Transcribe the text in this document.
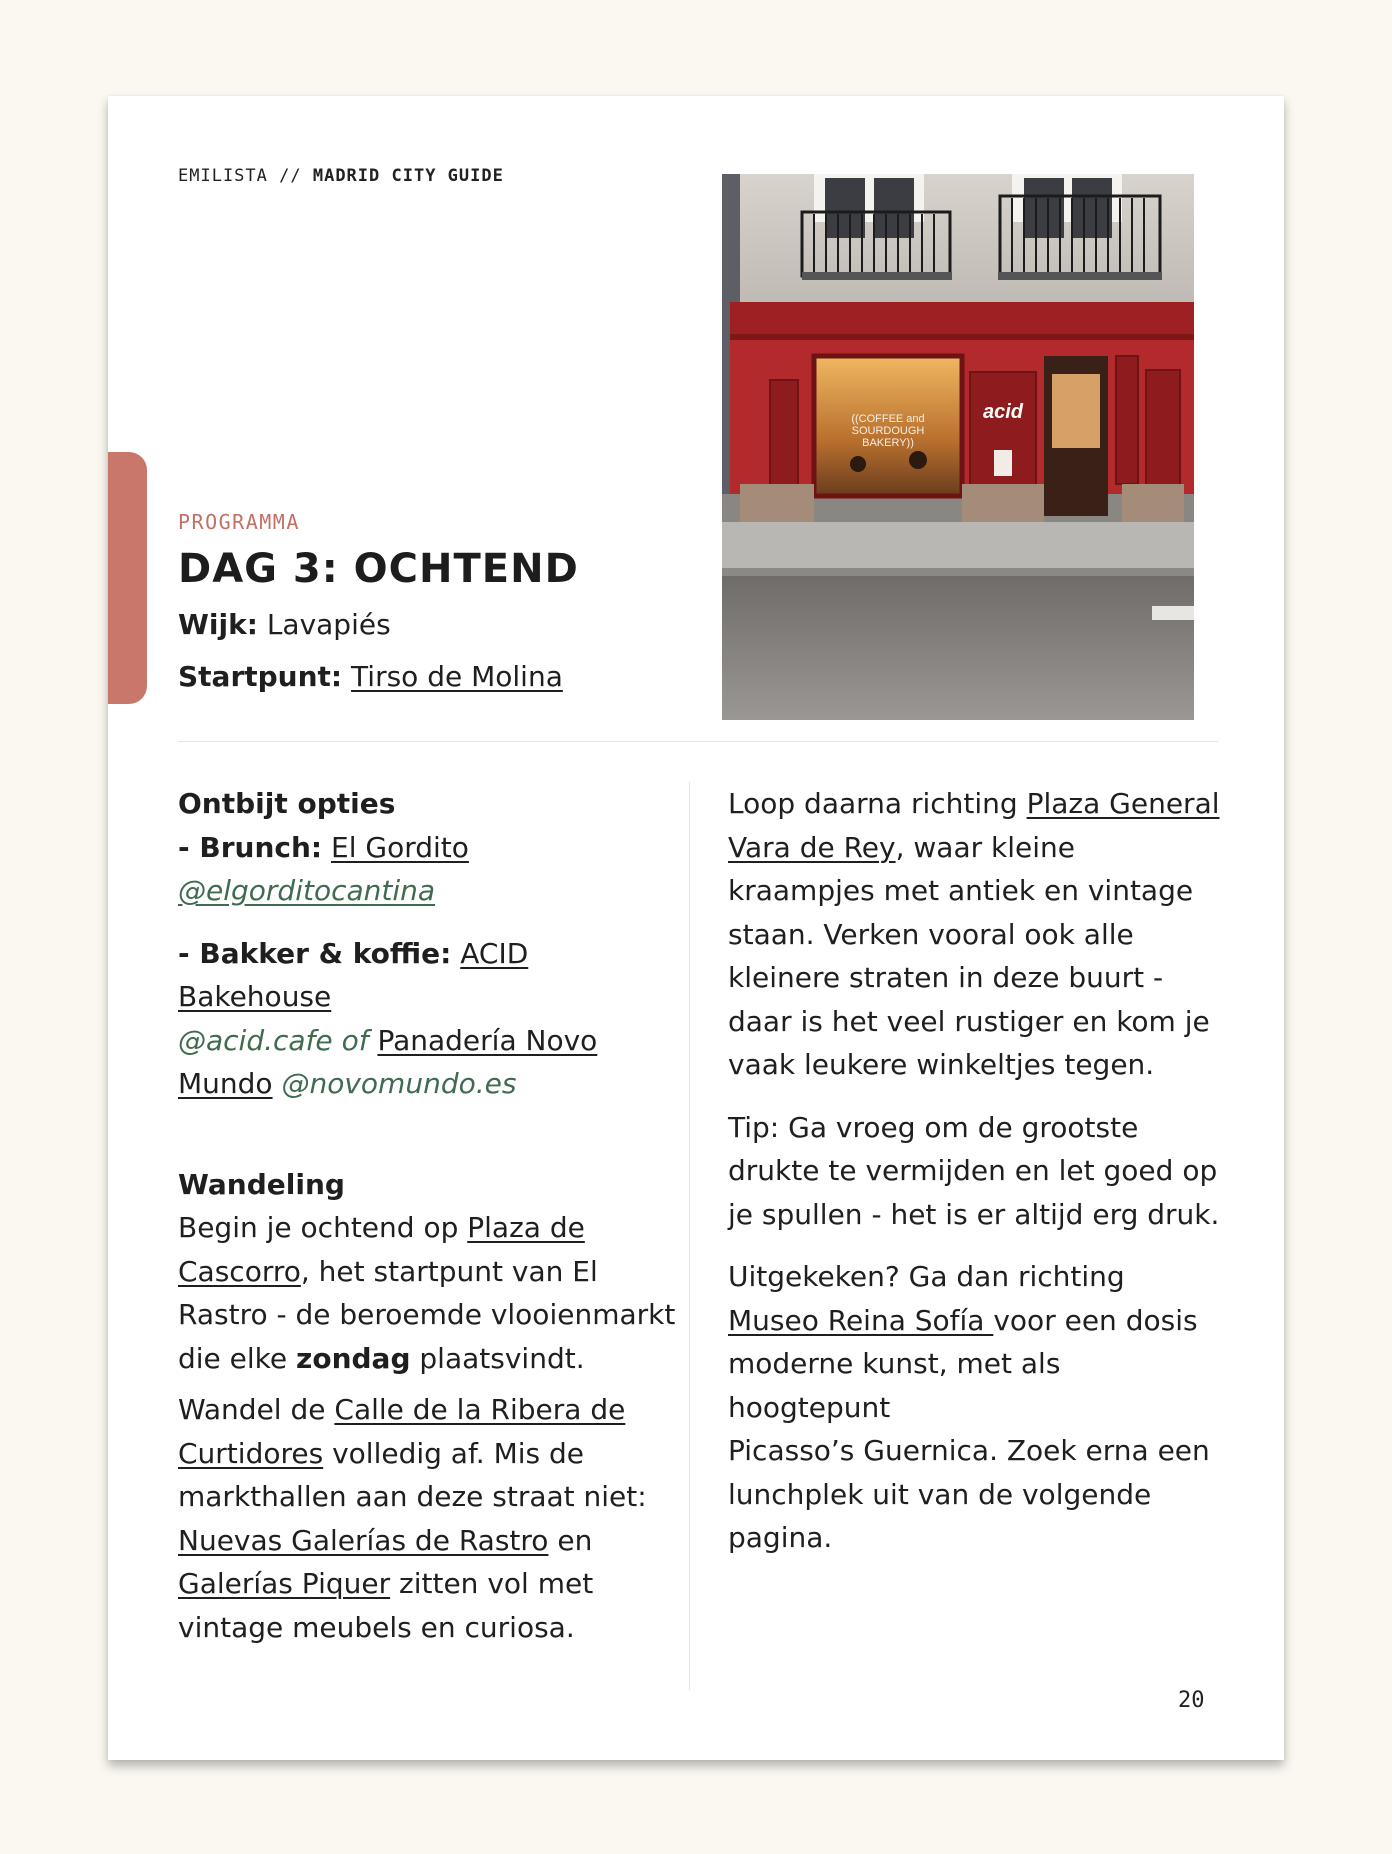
EMILISTA // MADRID CITY GUIDE
PROGRAMMA
DAG 3: OCHTEND
Wijk: Lavapiés
Startpunt: Tirso de Molina
((COFFEE and
SOURDOUGH
BAKERY))
acid
Ontbijt opties

- Brunch: El Gordito

@elgorditocantina

- Bakker & koffie: ACID Bakehouse

@acid.cafe of Panadería Novo

Mundo @novomundo.es

Wandeling

Begin je ochtend op Plaza de

Cascorro, het startpunt van El

Rastro - de beroemde vlooienmarkt

die elke zondag plaatsvindt.

Wandel de Calle de la Ribera de

Curtidores volledig af. Mis de

markthallen aan deze straat niet:

Nuevas Galerías de Rastro en

Galerías Piquer zitten vol met

vintage meubels en curiosa.

Loop daarna richting Plaza General

Vara de Rey, waar kleine

kraampjes met antiek en vintage

staan. Verken vooral ook alle

kleinere straten in deze buurt -

daar is het veel rustiger en kom je

vaak leukere winkeltjes tegen.

Tip: Ga vroeg om de grootste

drukte te vermijden en let goed op

je spullen - het is er altijd erg druk.

Uitgekeken? Ga dan richting

Museo Reina Sofía voor een dosis

moderne kunst, met als hoogtepunt

Picasso’s Guernica. Zoek erna een

lunchplek uit van de volgende

pagina.

20
